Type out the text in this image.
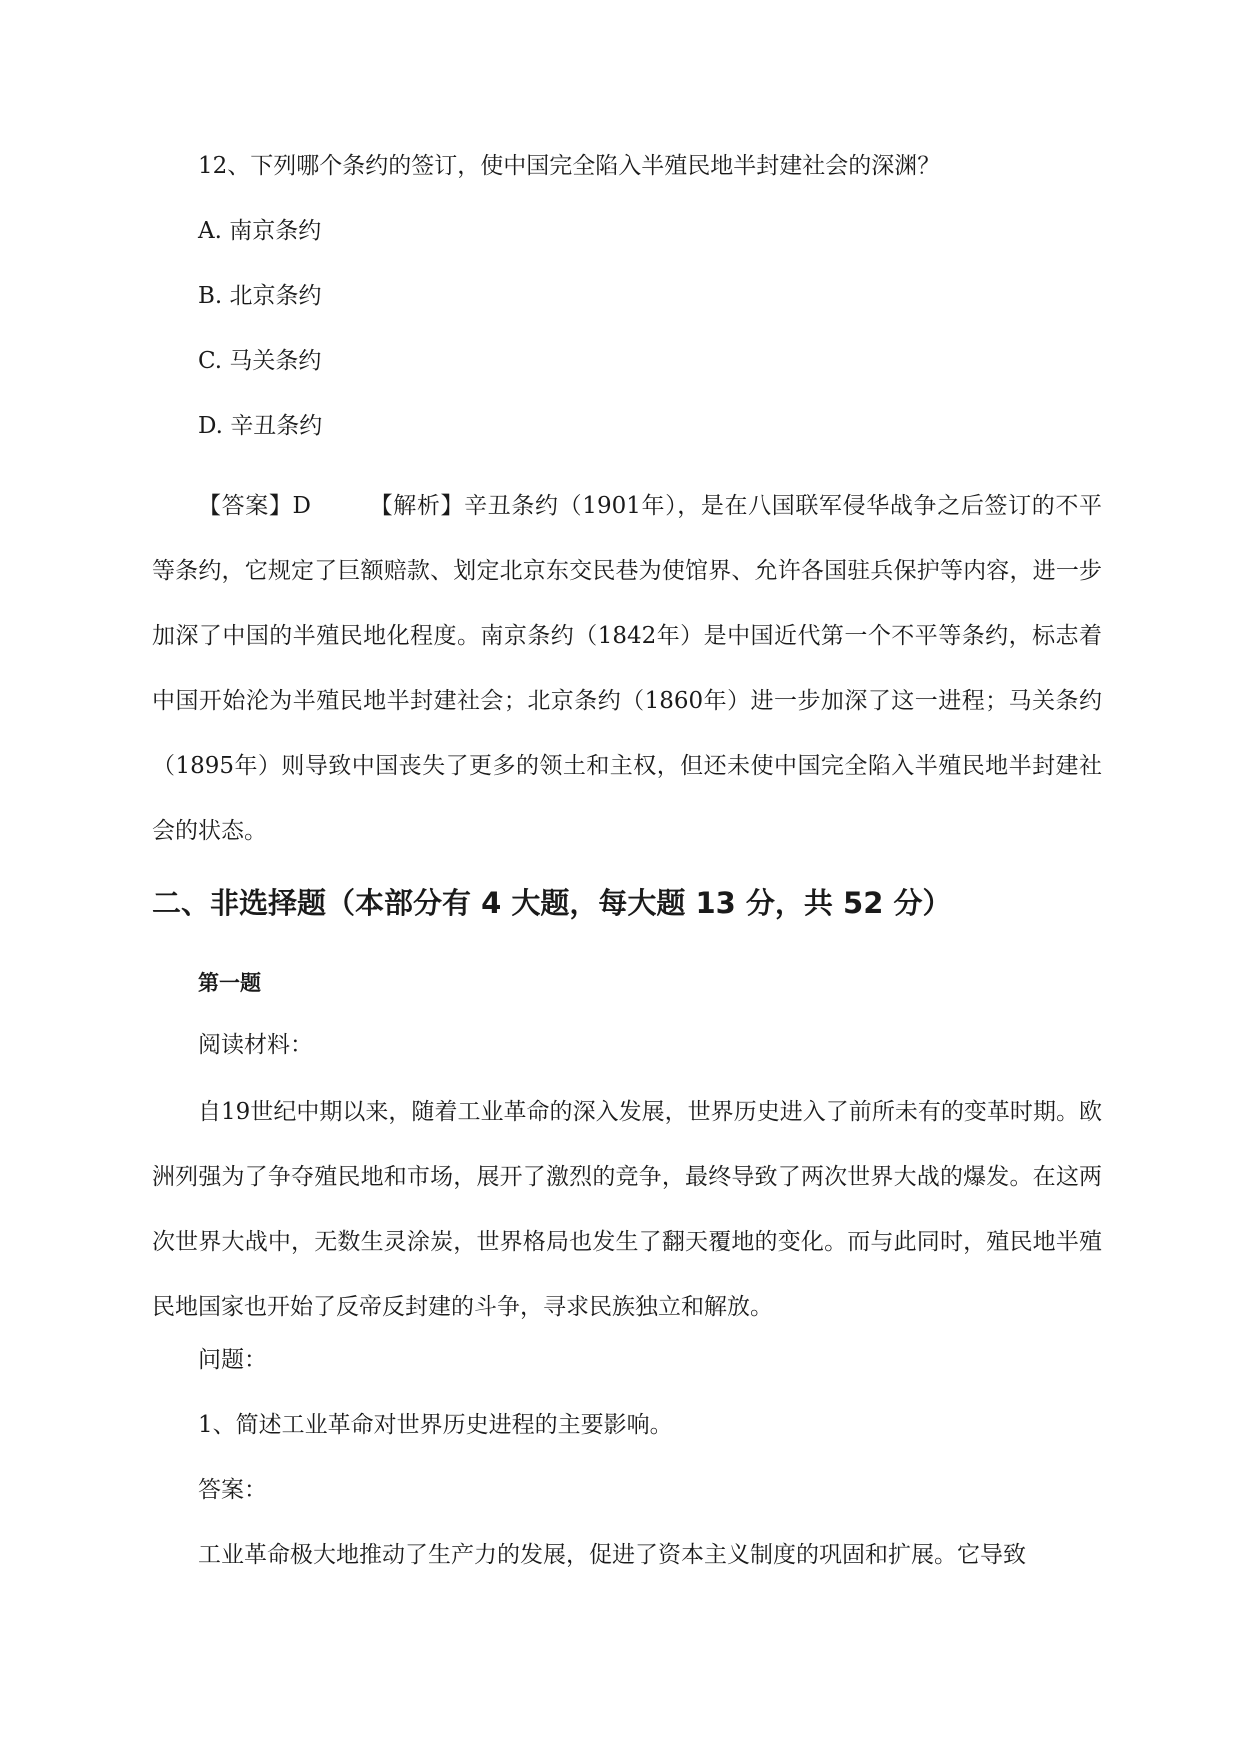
12、下列哪个条约的签订，使中国完全陷入半殖民地半封建社会的深渊？
A. 南京条约
B. 北京条约
C. 马关条约
D. 辛丑条约
【答案】D	【解析】辛丑条约（1901年），是在八国联军侵华战争之后签订的不平等条约，它规定了巨额赔款、划定北京东交民巷为使馆界、允许各国驻兵保护等内容，进一步加深了中国的半殖民地化程度。南京条约（1842年）是中国近代第一个不平等条约，标志着中国开始沦为半殖民地半封建社会；北京条约（1860年）进一步加深了这一进程；马关条约（1895年）则导致中国丧失了更多的领土和主权，但还未使中国完全陷入半殖民地半封建社会的状态。
二、非选择题（本部分有 4 大题，每大题 13 分，共 52 分）
第一题
阅读材料：
自19世纪中期以来，随着工业革命的深入发展，世界历史进入了前所未有的变革时期。欧洲列强为了争夺殖民地和市场，展开了激烈的竞争，最终导致了两次世界大战的爆发。在这两次世界大战中，无数生灵涂炭，世界格局也发生了翻天覆地的变化。而与此同时，殖民地半殖民地国家也开始了反帝反封建的斗争，寻求民族独立和解放。
问题：
1、简述工业革命对世界历史进程的主要影响。
答案：
工业革命极大地推动了生产力的发展，促进了资本主义制度的巩固和扩展。它导致
